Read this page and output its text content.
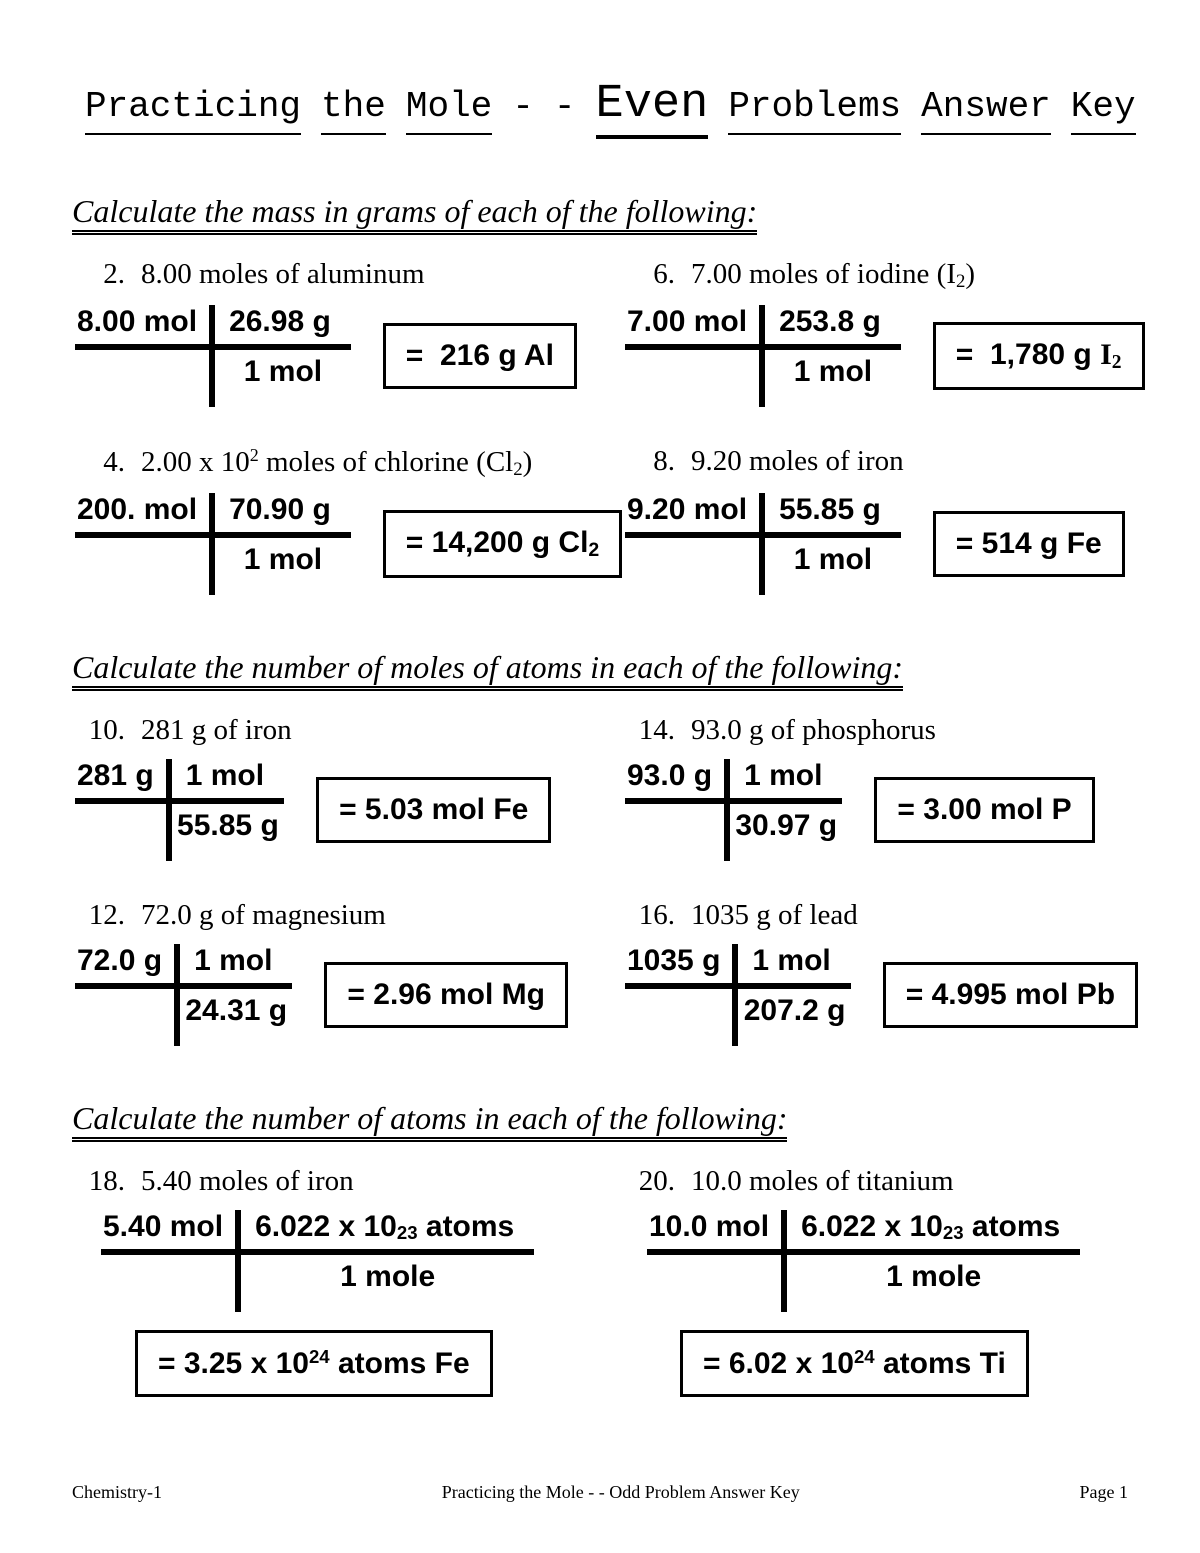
Practicing the Mole - - Even Problems Answer Key
Calculate the mass in grams of each of the following:
2. 8.00 moles of aluminum	6. 7.00 moles of iodine $(I_2)$
8.00 mol 26.98 g
1 mol	=  216 g Al
7.00 mol 253.8 g
1 mol
=  1,780 g $I_2$
4. 2.00 x $10^2$ moles of chlorine $(Cl_2)$	8. 9.20 moles of iron
200. mol 70.90 g
1 mol
= 14,200 g $Cl_2$
9.20 mol 55.85 g
1 mol	= 514 g Fe
Calculate the number of moles of atoms in each of the following:
10. 281 g of iron	14. 93.0 g of phosphorus
281 g 1 mol
55.85 g	= 5.03 mol Fe
93.0 g 1 mol
30.97 g	= 3.00 mol P
12. 72.0 g of magnesium	16. 1035 g of lead
72.0 g 1 mol
24.31 g	= 2.96 mol Mg
1035 g 1 mol
207.2 g	= 4.995 mol Pb
Calculate the number of atoms in each of the following:
18. 5.40 moles of iron	20. 10.0 moles of titanium
5.40 mol 6.022 x 10 23 atoms
1 mole
10.0 mol 6.022 x 10 23 atoms
1 mole
= 3.25 x $10^{24}$ atoms Fe	= 6.02 x $10^{24}$ atoms Ti
Chemistry-1	Practicing the Mole - - Odd Problem Answer Key	Page 1
